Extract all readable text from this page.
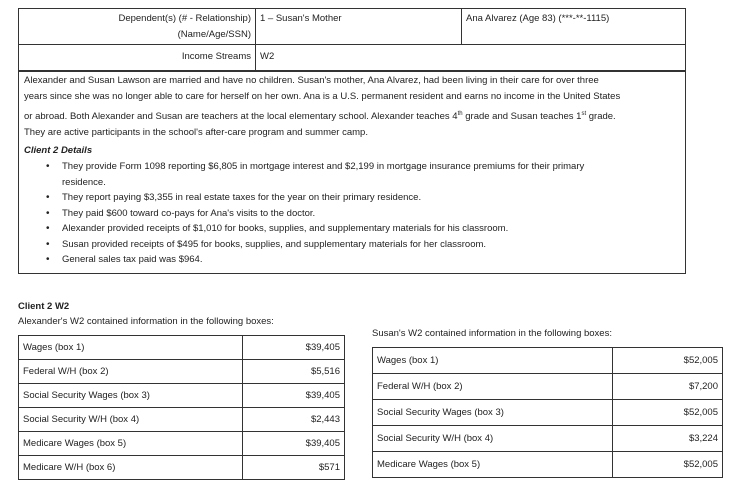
Dependent(s) (# - Relationship)
(Name/Age/SSN)
1 – Susan's Mother	Ana Alvarez (Age 83) (***-**-1115)
Income Streams W2
Alexander and Susan Lawson are married and have no children. Susan's mother, Ana Alvarez, had been living in their care for over three
years since she was no longer able to care for herself on her own. Ana is a U.S. permanent resident and earns no income in the United States
or abroad. Both Alexander and Susan are teachers at the local elementary school. Alexander teaches 4th grade and Susan teaches 1st grade.
They are active participants in the school's after-care program and summer camp.
Client 2 Details
• They provide Form 1098 reporting $6,805 in mortgage interest and $2,199 in mortgage insurance premiums for their primary
residence.
• They report paying $3,355 in real estate taxes for the year on their primary residence.
• They paid $600 toward co-pays for Ana's visits to the doctor.
• Alexander provided receipts of $1,010 for books, supplies, and supplementary materials for his classroom.
• Susan provided receipts of $495 for books, supplies, and supplementary materials for her classroom.
• General sales tax paid was $964.
Client 2 W2
Alexander's W2 contained information in the following boxes:
Susan's W2 contained information in the following boxes:
Wages (box 1)	$39,405
Federal W/H (box 2)	$5,516
Social Security Wages (box 3)	$39,405
Social Security W/H (box 4)	$2,443
Medicare Wages (box 5)	$39,405
Medicare W/H (box 6)	$571
Wages (box 1)	$52,005
Federal W/H (box 2)	$7,200
Social Security Wages (box 3)	$52,005
Social Security W/H (box 4)	$3,224
Medicare Wages (box 5)	$52,005
